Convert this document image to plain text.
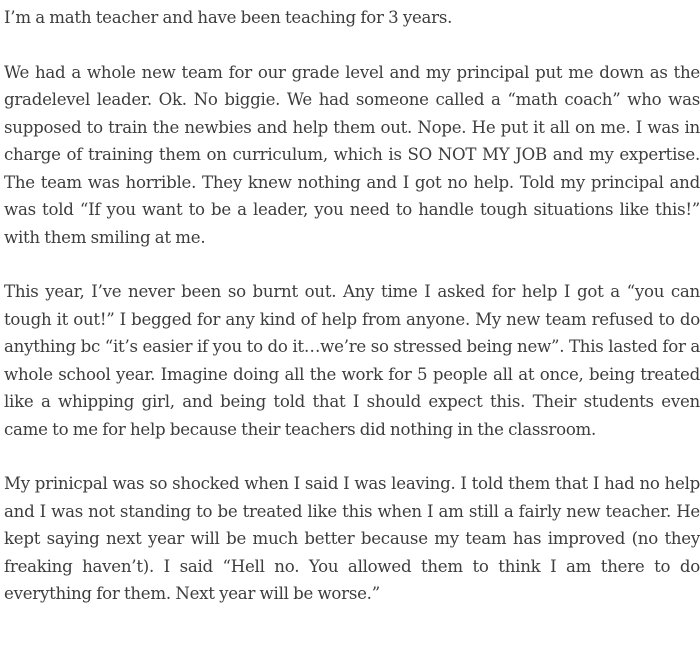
I’m a math teacher and have been teaching for 3 years.

We had a whole new team for our grade level and my principal put me down as the gradelevel leader. Ok. No biggie. We had someone called a “math coach” who was supposed to train the newbies and help them out. Nope. He put it all on me. I was in charge of training them on curriculum, which is SO NOT MY JOB and my expertise. The team was horrible. They knew nothing and I got no help. Told my principal and was told “If you want to be a leader, you need to handle tough situations like this!” with them smiling at me.

This year, I’ve never been so burnt out. Any time I asked for help I got a “you can tough it out!” I begged for any kind of help from anyone. My new team refused to do anything bc “it’s easier if you to do it…we’re so stressed being new”. This lasted for a whole school year. Imagine doing all the work for 5 people all at once, being treated like a whipping girl, and being told that I should expect this. Their students even came to me for help because their teachers did nothing in the classroom.

My prinicpal was so shocked when I said I was leaving. I told them that I had no help and I was not standing to be treated like this when I am still a fairly new teacher. He kept saying next year will be much better because my team has improved (no they freaking haven’t). I said “Hell no. You allowed them to think I am there to do everything for them. Next year will be worse.”
